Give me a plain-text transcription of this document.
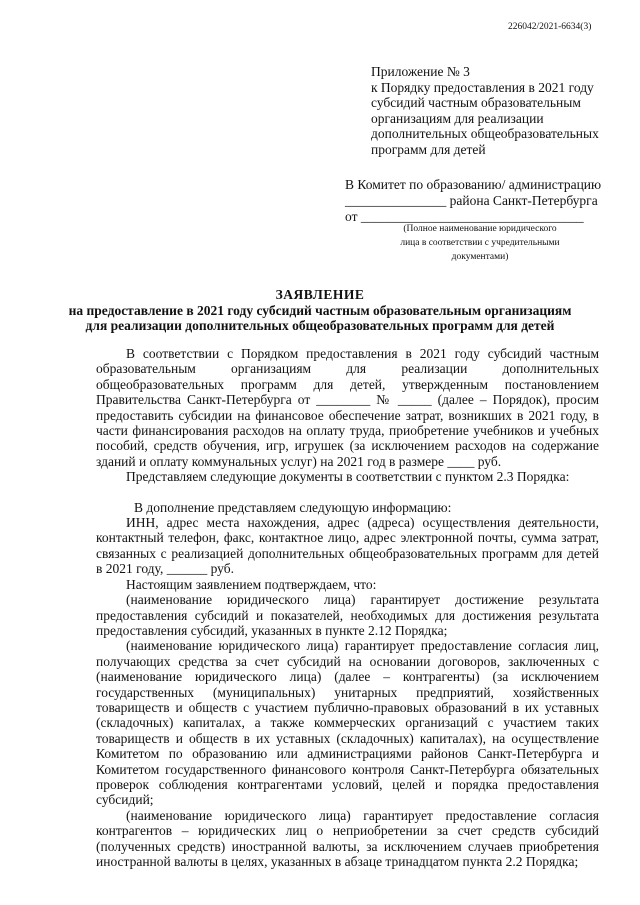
226042/2021-6634(3)
Приложение № 3
к Порядку предоставления в 2021 году
субсидий частным образовательным
организациям для реализации
дополнительных общеобразовательных
программ для детей
В Комитет по образованию/ администрацию
_______________ района Санкт-Петербурга
от _________________________________
(Полное наименование юридического
лица в соответствии с учредительными
документами)
ЗАЯВЛЕНИЕ
на предоставление в 2021 году субсидий частным образовательным организациям
для реализации дополнительных общеобразовательных программ для детей

В соответствии с Порядком предоставления в 2021 году субсидий частным образовательным организациям для реализации дополнительных общеобразовательных программ для детей, утвержденным постановлением Правительства Санкт-Петербурга от ________ № _____ (далее – Порядок), просим предоставить субсидии на финансовое обеспечение затрат, возникших в 2021 году, в части финансирования расходов на оплату труда, приобретение учебников и учебных пособий, средств обучения, игр, игрушек (за исключением расходов на содержание зданий и оплату коммунальных услуг) на 2021 год в размере ____ руб.

Представляем следующие документы в соответствии с пунктом 2.3 Порядка:

В дополнение представляем следующую информацию:

ИНН, адрес места нахождения, адрес (адреса) осуществления деятельности, контактный телефон, факс, контактное лицо, адрес электронной почты, сумма затрат, связанных с реализацией дополнительных общеобразовательных программ для детей в 2021 году, ______ руб.

Настоящим заявлением подтверждаем, что:

(наименование юридического лица) гарантирует достижение результата предоставления субсидий и показателей, необходимых для достижения результата предоставления субсидий, указанных в пункте 2.12 Порядка;

(наименование юридического лица) гарантирует предоставление согласия лиц, получающих средства за счет субсидий на основании договоров, заключенных с (наименование юридического лица) (далее – контрагенты) (за исключением государственных (муниципальных) унитарных предприятий, хозяйственных товариществ и обществ с участием публично-правовых образований в их уставных (складочных) капиталах, а также коммерческих организаций с участием таких товариществ и обществ в их уставных (складочных) капиталах), на осуществление Комитетом по образованию или администрациями районов Санкт-Петербурга и Комитетом государственного финансового контроля Санкт-Петербурга обязательных проверок соблюдения контрагентами условий, целей и порядка предоставления субсидий;

(наименование юридического лица) гарантирует предоставление согласия контрагентов – юридических лиц о неприобретении за счет средств субсидий (полученных средств) иностранной валюты, за исключением случаев приобретения иностранной валюты в целях, указанных в абзаце тринадцатом пункта 2.2 Порядка;
